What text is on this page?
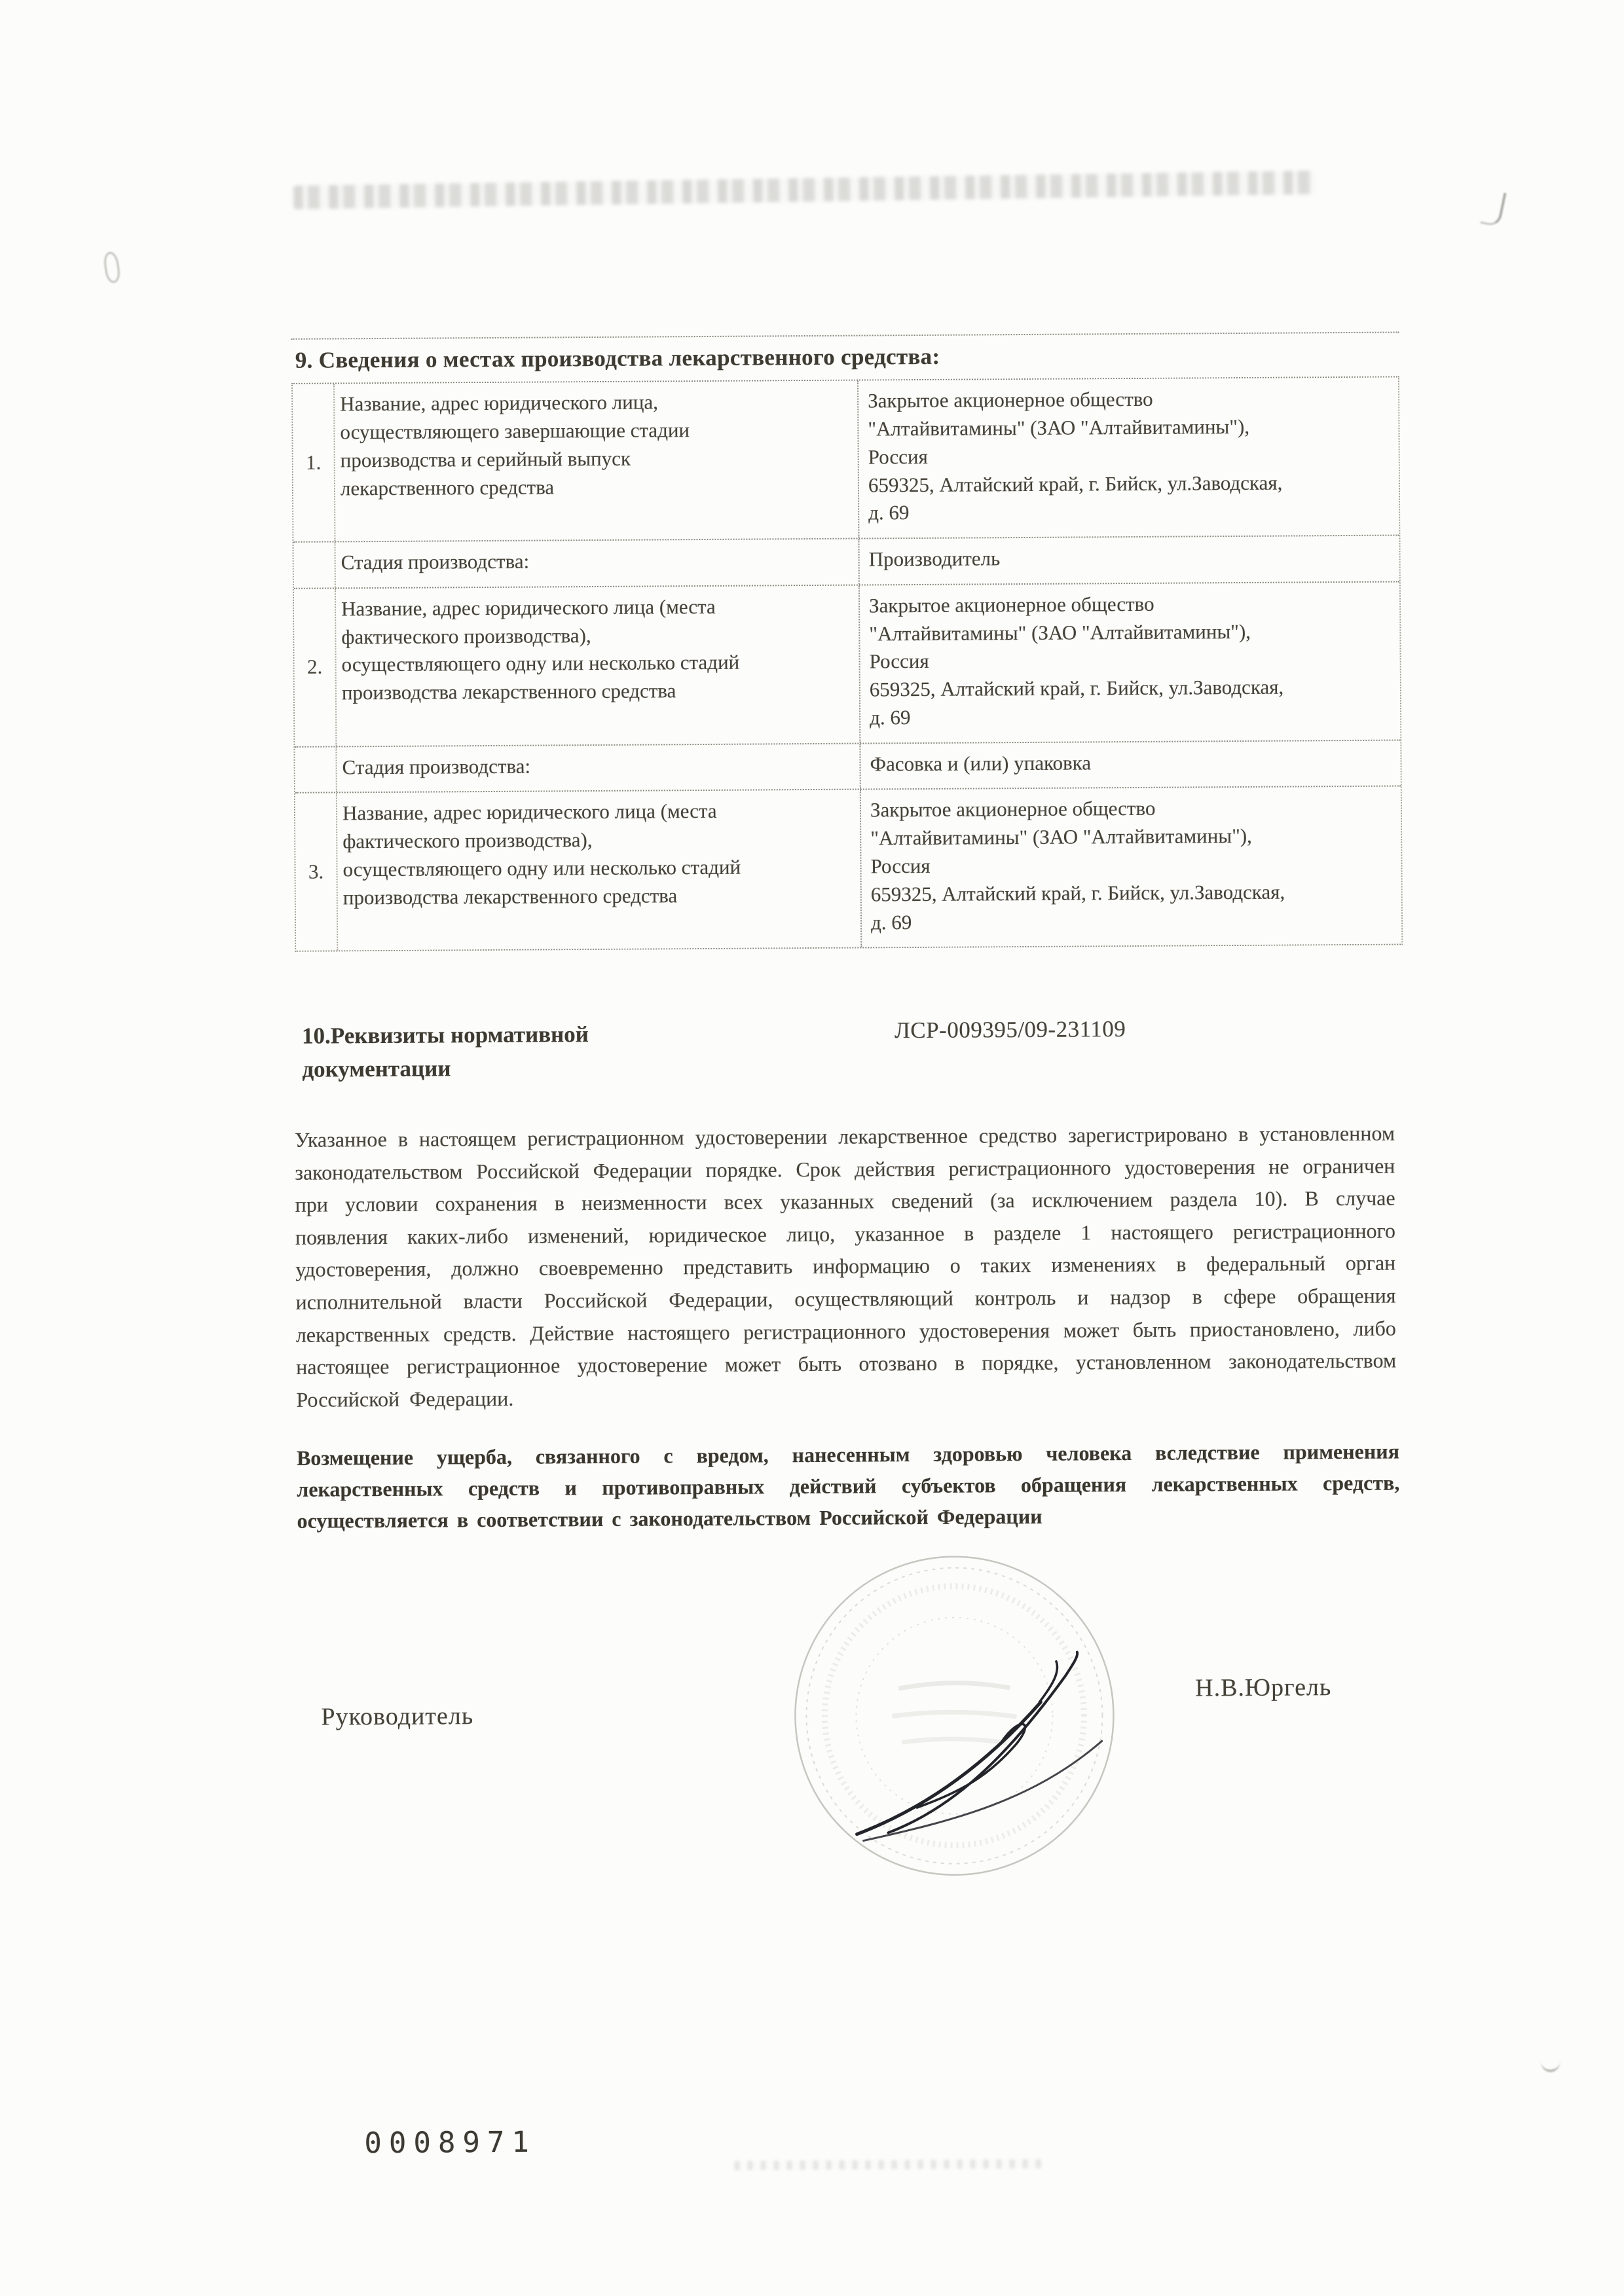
9. Сведения о местах производства лекарственного средства:
1.
Название, адрес юридического лица,
осуществляющего завершающие стадии
производства и серийный выпуск
лекарственного средства
Закрытое акционерное общество
"Алтайвитамины" (ЗАО "Алтайвитамины"),
Россия
659325, Алтайский край, г. Бийск, ул.Заводская,
д. 69
Стадия производства:	Производитель
2.
Название, адрес юридического лица (места
фактического производства),
осуществляющего одну или несколько стадий
производства лекарственного средства
Закрытое акционерное общество
"Алтайвитамины" (ЗАО "Алтайвитамины"),
Россия
659325, Алтайский край, г. Бийск, ул.Заводская,
д. 69
Стадия производства:	Фасовка и (или) упаковка
3.
Название, адрес юридического лица (места
фактического производства),
осуществляющего одну или несколько стадий
производства лекарственного средства
Закрытое акционерное общество
"Алтайвитамины" (ЗАО "Алтайвитамины"),
Россия
659325, Алтайский край, г. Бийск, ул.Заводская,
д. 69
10.Реквизиты нормативной
документации
ЛСР-009395/09-231109
Указанное в настоящем регистрационном удостоверении лекарственное средство зарегистрировано в установленном законодательством Российской Федерации порядке. Срок действия регистрационного удостоверения не ограничен при условии сохранения в неизменности всех указанных сведений (за исключением раздела 10). В случае появления каких-либо изменений, юридическое лицо, указанное в разделе 1 настоящего регистрационного удостоверения, должно своевременно представить информацию о таких изменениях в федеральный орган исполнительной власти Российской Федерации, осуществляющий контроль и надзор в сфере обращения лекарственных средств. Действие настоящего регистрационного удостоверения может быть приостановлено, либо настоящее регистрационное удостоверение может быть отозвано в порядке, установленном законодательством Российской Федерации.
Возмещение ущерба, связанного с вредом, нанесенным здоровью человека вследствие применения лекарственных средств и противоправных действий субъектов обращения лекарственных средств, осуществляется в соответствии с законодательством Российской Федерации
Руководитель
Н.В.Юргель
0008971
